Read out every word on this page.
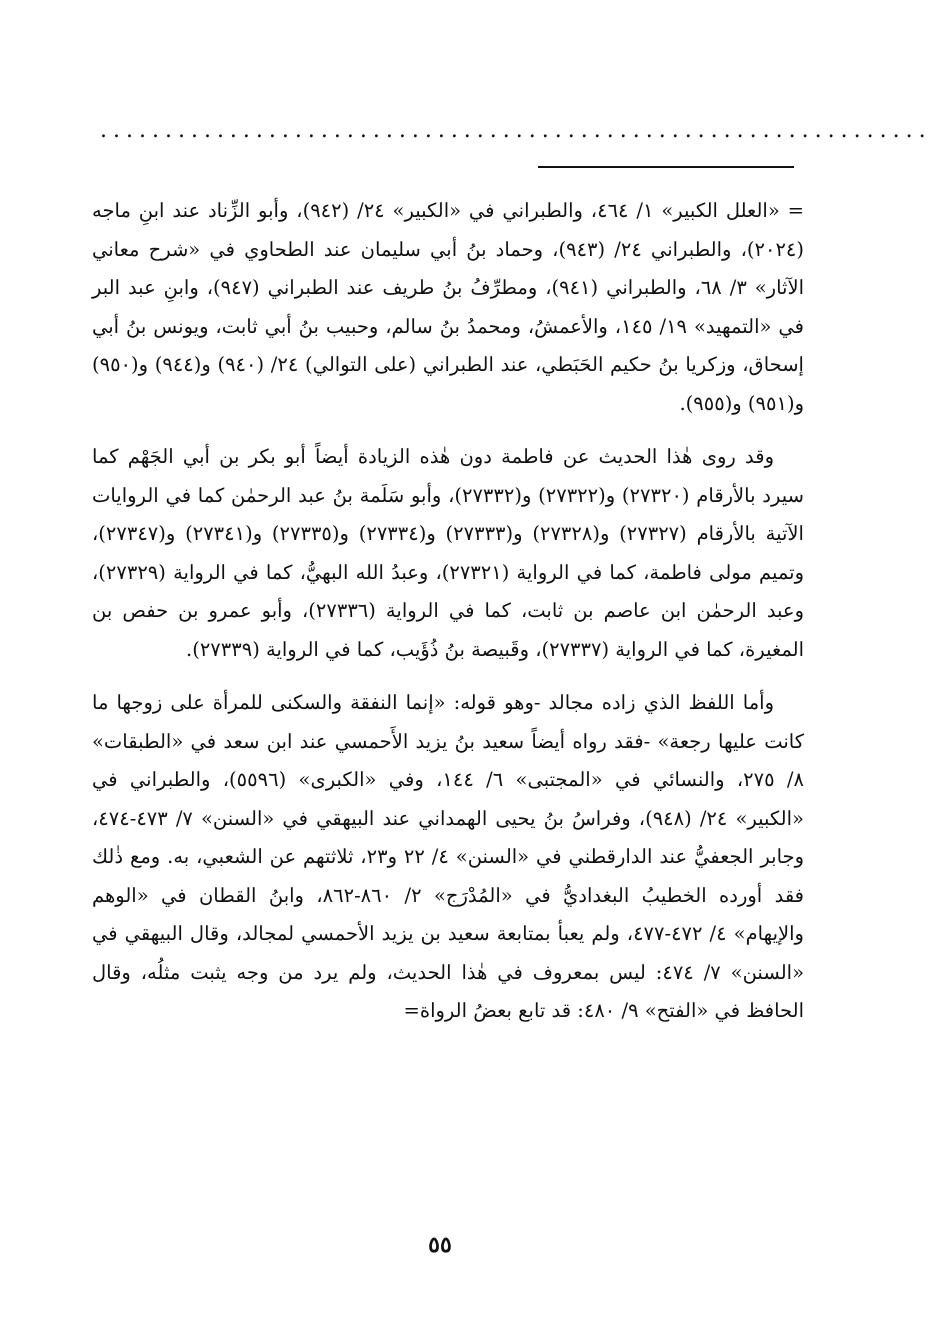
................................................................

= «العلل الكبير» ١/ ٤٦٤، والطبراني في «الكبير» ٢٤/ (٩٤٢)، وأبو الزِّناد عند ابنِ ماجه (٢٠٢٤)، والطبراني ٢٤/ (٩٤٣)، وحماد بنُ أبي سليمان عند الطحاوي في «شرح معاني الآثار» ٣/ ٦٨، والطبراني (٩٤١)، ومطرِّفُ بنُ طريف عند الطبراني (٩٤٧)، وابنِ عبد البر في «التمهيد» ١٩/ ١٤٥، والأعمشُ، ومحمدُ بنُ سالم، وحبيب بنُ أبي ثابت، ويونس بنُ أبي إسحاق، وزكريا بنُ حكيم الحَبَطي، عند الطبراني (على التوالي) ٢٤/ (٩٤٠) و(٩٤٤) و(٩٥٠) و(٩٥١) و(٩٥٥).

وقد روى هٰذا الحديث عن فاطمة دون هٰذه الزيادة أيضاً أبو بكر بن أبي الجَهْم كما سيرد بالأرقام (٢٧٣٢٠) و(٢٧٣٢٢) و(٢٧٣٣٢)، وأبو سَلَمة بنُ عبد الرحمٰن كما في الروايات الآتية بالأرقام (٢٧٣٢٧) و(٢٧٣٢٨) و(٢٧٣٣٣) و(٢٧٣٣٤) و(٢٧٣٣٥) و(٢٧٣٤١) و(٢٧٣٤٧)، وتميم مولى فاطمة، كما في الرواية (٢٧٣٢١)، وعبدُ الله البهيُّ، كما في الرواية (٢٧٣٢٩)، وعبد الرحمٰن ابن عاصم بن ثابت، كما في الرواية (٢٧٣٣٦)، وأبو عمرو بن حفص بن المغيرة، كما في الرواية (٢٧٣٣٧)، وقَبيصة بنُ ذُؤَيب، كما في الرواية (٢٧٣٣٩).

وأما اللفظ الذي زاده مجالد -وهو قوله: «إنما النفقة والسكنى للمرأة على زوجها ما كانت عليها رجعة» -فقد رواه أيضاً سعيد بنُ يزيد الأَحمسي عند ابن سعد في «الطبقات» ٨/ ٢٧٥، والنسائي في «المجتبى» ٦/ ١٤٤، وفي «الكبرى» (٥٥٩٦)، والطبراني في «الكبير» ٢٤/ (٩٤٨)، وفراسُ بنُ يحيى الهمداني عند البيهقي في «السنن» ٧/ ٤٧٣-٤٧٤، وجابر الجعفيُّ عند الدارقطني في «السنن» ٤/ ٢٢ و٢٣، ثلاثتهم عن الشعبي، به. ومع ذٰلك فقد أورده الخطيبُ البغداديُّ في «المُدْرَج» ٢/ ٨٦٠-٨٦٢، وابنُ القطان في «الوهم والإيهام» ٤/ ٤٧٢-٤٧٧، ولم يعبأ بمتابعة سعيد بن يزيد الأحمسي لمجالد، وقال البيهقي في «السنن» ٧/ ٤٧٤: ليس بمعروف في هٰذا الحديث، ولم يرد من وجه يثبت مثلُه، وقال الحافظ في «الفتح» ٩/ ٤٨٠: قد تابع بعضُ الرواة=

٥٥
